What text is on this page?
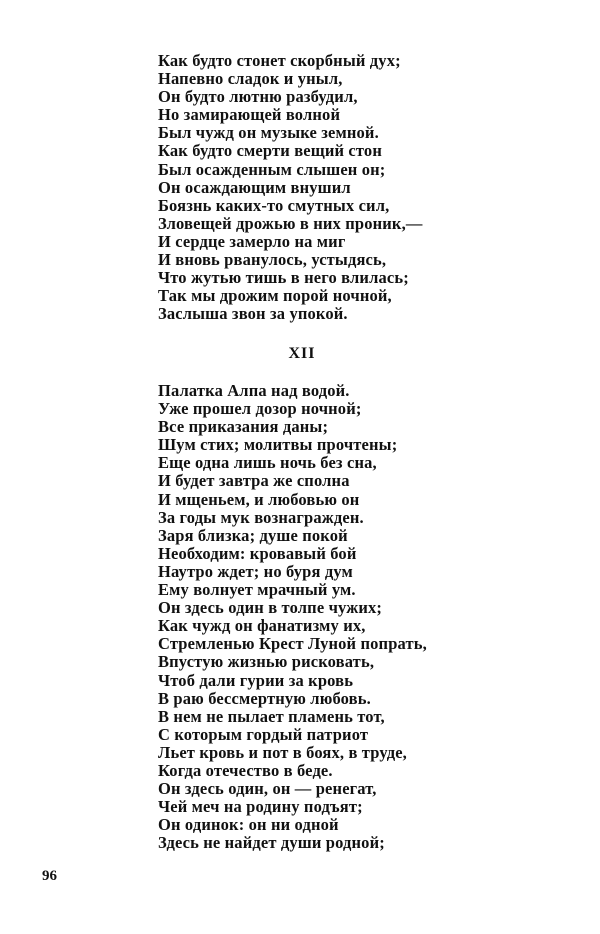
Как будто стонет скорбный дух;
Напевно сладок и уныл,
Он будто лютню разбудил,
Но замирающей волной
Был чужд он музыке земной.
Как будто смерти вещий стон
Был осажденным слышен он;
Он осаждающим внушил
Боязнь каких-то смутных сил,
Зловещей дрожью в них проник,—
И сердце замерло на миг
И вновь рванулось, устыдясь,
Что жутью тишь в него влилась;
Так мы дрожим порой ночной,
Заслыша звон за упокой.
XII
Палатка Алпа над водой.
Уже прошел дозор ночной;
Все приказания даны;
Шум стих; молитвы прочтены;
Еще одна лишь ночь без сна,
И будет завтра же сполна
И мщеньем, и любовью он
За годы мук вознагражден.
Заря близка; душе покой
Необходим: кровавый бой
Наутро ждет; но буря дум
Ему волнует мрачный ум.
Он здесь один в толпе чужих;
Как чужд он фанатизму их,
Стремленью Крест Луной попрать,
Впустую жизнью рисковать,
Чтоб дали гурии за кровь
В раю бессмертную любовь.
В нем не пылает пламень тот,
С которым гордый патриот
Льет кровь и пот в боях, в труде,
Когда отечество в беде.
Он здесь один, он — ренегат,
Чей меч на родину подъят;
Он одинок: он ни одной
Здесь не найдет души родной;
96
